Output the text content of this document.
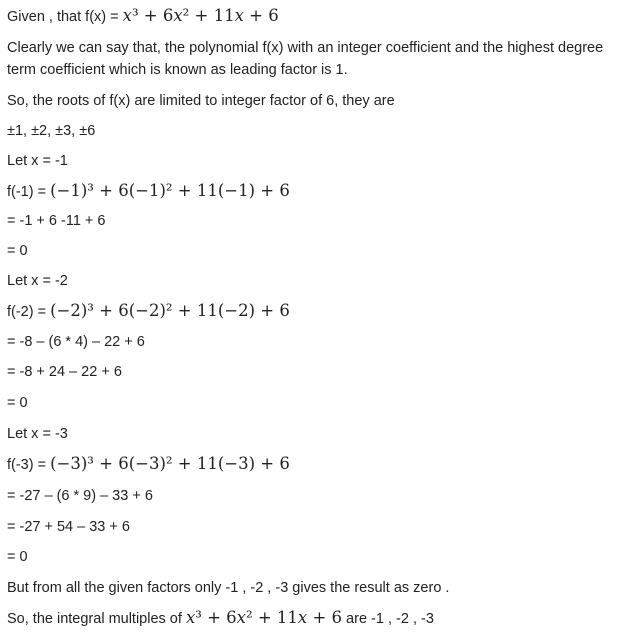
Given , that f(x) = 𝑥³ + 6𝑥² + 11𝑥 + 6
Clearly we can say that, the polynomial f(x) with an integer coefficient and the highest degree term coefficient which is known as leading factor is 1.
So, the roots of f(x) are limited to integer factor of 6, they are
±1, ±2, ±3, ±6
Let x = -1
f(-1) = (−1)³ + 6(−1)² + 11(−1) + 6
= -1 + 6 -11 + 6
= 0
Let x = -2
f(-2) = (−2)³ + 6(−2)² + 11(−2) + 6
= -8 – (6 * 4) – 22 + 6
= -8 + 24 – 22 + 6
= 0
Let x = -3
f(-3) = (−3)³ + 6(−3)² + 11(−3) + 6
= -27 – (6 * 9) – 33 + 6
= -27 + 54 – 33 + 6
= 0
But from all the given factors only -1 , -2 , -3 gives the result as zero .
So, the integral multiples of 𝑥³ + 6𝑥² + 11𝑥 + 6 are -1 , -2 , -3
